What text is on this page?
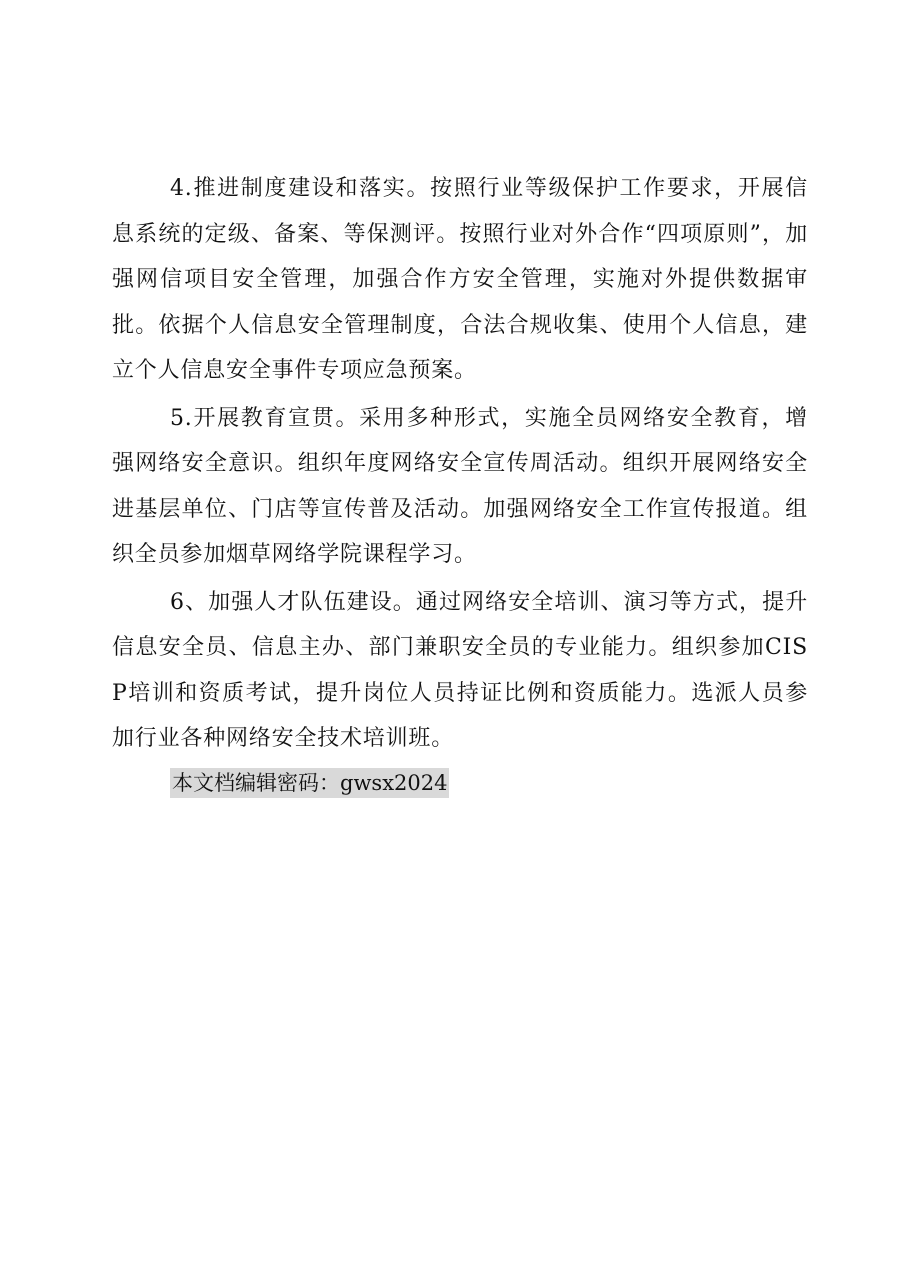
4.推进制度建设和落实。按照行业等级保护工作要求，开展信息系统的定级、备案、等保测评。按照行业对外合作“四项原则”，加强网信项目安全管理，加强合作方安全管理，实施对外提供数据审批。依据个人信息安全管理制度，合法合规收集、使用个人信息，建立个人信息安全事件专项应急预案。

5.开展教育宣贯。采用多种形式，实施全员网络安全教育，增强网络安全意识。组织年度网络安全宣传周活动。组织开展网络安全进基层单位、门店等宣传普及活动。加强网络安全工作宣传报道。组织全员参加烟草网络学院课程学习。

6、加强人才队伍建设。通过网络安全培训、演习等方式，提升信息安全员、信息主办、部门兼职安全员的专业能力。组织参加CISP培训和资质考试，提升岗位人员持证比例和资质能力。选派人员参加行业各种网络安全技术培训班。

本文档编辑密码：gwsx2024
